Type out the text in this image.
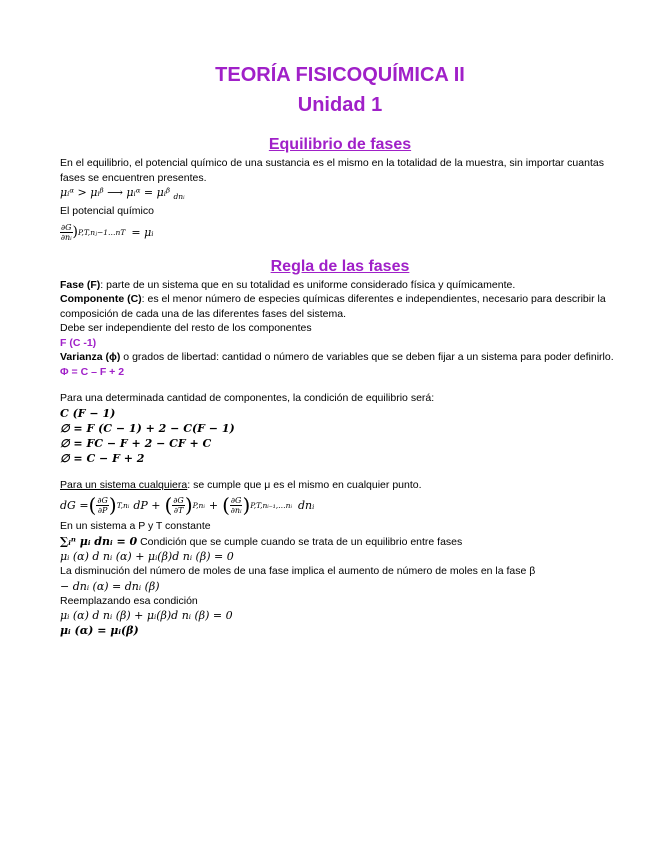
TEORÍA FISICOQUÍMICA II
Unidad 1
Equilibrio de fases

En el equilibrio, el potencial químico de una sustancia es el mismo en la totalidad de la muestra, sin importar cuantas fases se encuentren presentes.

μᵢᵅ > μᵢᵝ ⟶ μᵢᵅ = μᵢᵝ $_{dnᵢ}$

El potencial químico

$\frac{\partial G}{\text{∂nᵢ}}$ ) P,T,nⱼ−1…nT = μᵢ
Regla de las fases

Fase (F): parte de un sistema que en su totalidad es uniforme considerado física y químicamente.

Componente (C): es el menor número de especies químicas diferentes e independientes, necesario para describir la composición de cada una de las diferentes fases del sistema.

Debe ser independiente del resto de los componentes

F (C -1)

Varianza (ɸ) o grados de libertad: cantidad o número de variables que se deben fijar a un sistema para poder definirlo. Φ = C – F + 2

Para una determinada cantidad de componentes, la condición de equilibrio será:

C (F − 1)

∅ = F (C − 1) + 2 − C(F − 1)

∅ = FC − F + 2 − CF + C

∅ = C − F + 2

Para un sistema cualquiera: se cumple que μ es el mismo en cualquier punto.

dG = ( $\frac{\partial G}{\partial P}$ ) T,nᵢ dP + ( $\frac{\partial G}{\partial T}$ ) P,nᵢ + ( $\frac{\partial G}{\text{∂nᵢ}}$ ) P,T,nᵢ₋₁,…nᵢ dnᵢ

En un sistema a P y T constante

∑ᵢⁿ μᵢ dnᵢ = 0 Condición que se cumple cuando se trata de un equilibrio entre fases

μᵢ (α) d nᵢ (α) + μᵢ(β)d nᵢ (β) = 0

La disminución del número de moles de una fase implica el aumento de número de moles en la fase β

− dnᵢ (α) = dnᵢ (β)

Reemplazando esa condición

μᵢ (α) d nᵢ (β) + μᵢ(β)d nᵢ (β) = 0

μᵢ (α) = μᵢ(β)
